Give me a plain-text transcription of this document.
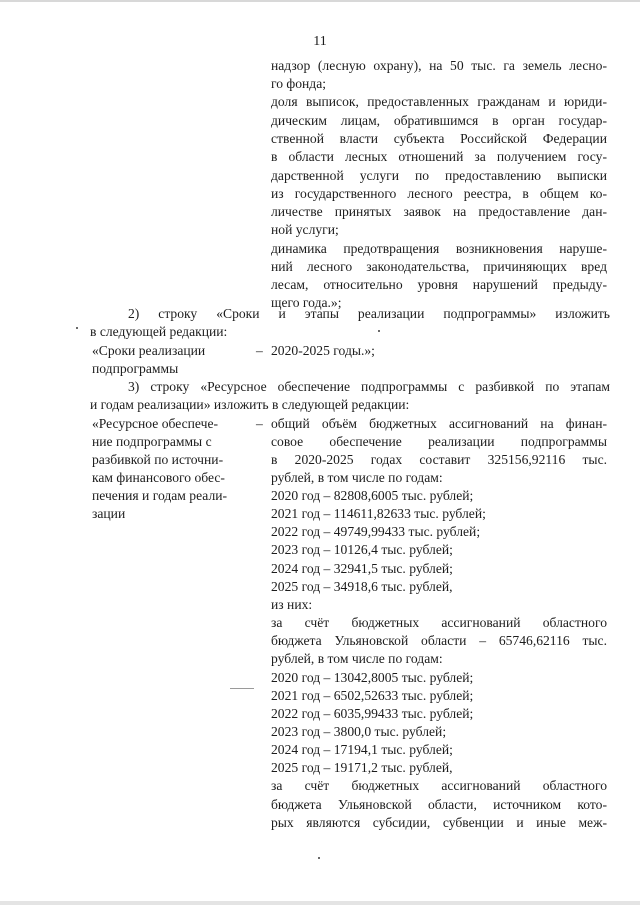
11
надзор (лесную охрану), на 50 тыс. га земель лесно-
го фонда;
доля выписок, предоставленных гражданам и юриди-
дическим лицам, обратившимся в орган государ-
ственной власти субъекта Российской Федерации
в области лесных отношений за получением госу-
дарственной услуги по предоставлению выписки
из государственного лесного реестра, в общем ко-
личестве принятых заявок на предоставление дан-
ной услуги;
динамика предотвращения возникновения наруше-
ний лесного законодательства, причиняющих вред
лесам, относительно уровня нарушений предыду-
щего года.»;
2) строку «Сроки и этапы реализации подпрограммы» изложить
в следующей редакции:
«Сроки реализации
подпрограммы
– 2020-2025 годы.»;
3) строку «Ресурсное обеспечение подпрограммы с разбивкой по этапам
и годам реализации» изложить в следующей редакции:
«Ресурсное обеспече-
ние подпрограммы с
разбивкой по источни-
кам финансового обес-
печения и годам реали-
зации
– общий объём бюджетных ассигнований на финан-
совое обеспечение реализации подпрограммы
в 2020-2025 годах составит 325156,92116 тыс.
рублей, в том числе по годам:
2020 год – 82808,6005 тыс. рублей;
2021 год – 114611,82633 тыс. рублей;
2022 год – 49749,99433 тыс. рублей;
2023 год – 10126,4 тыс. рублей;
2024 год – 32941,5 тыс. рублей;
2025 год – 34918,6 тыс. рублей,
из них:
за счёт бюджетных ассигнований областного
бюджета Ульяновской области – 65746,62116 тыс.
рублей, в том числе по годам:
2020 год – 13042,8005 тыс. рублей;
2021 год – 6502,52633 тыс. рублей;
2022 год – 6035,99433 тыс. рублей;
2023 год – 3800,0 тыс. рублей;
2024 год – 17194,1 тыс. рублей;
2025 год – 19171,2 тыс. рублей,
за счёт бюджетных ассигнований областного
бюджета Ульяновской области, источником кото-
рых являются субсидии, субвенции и иные меж-
